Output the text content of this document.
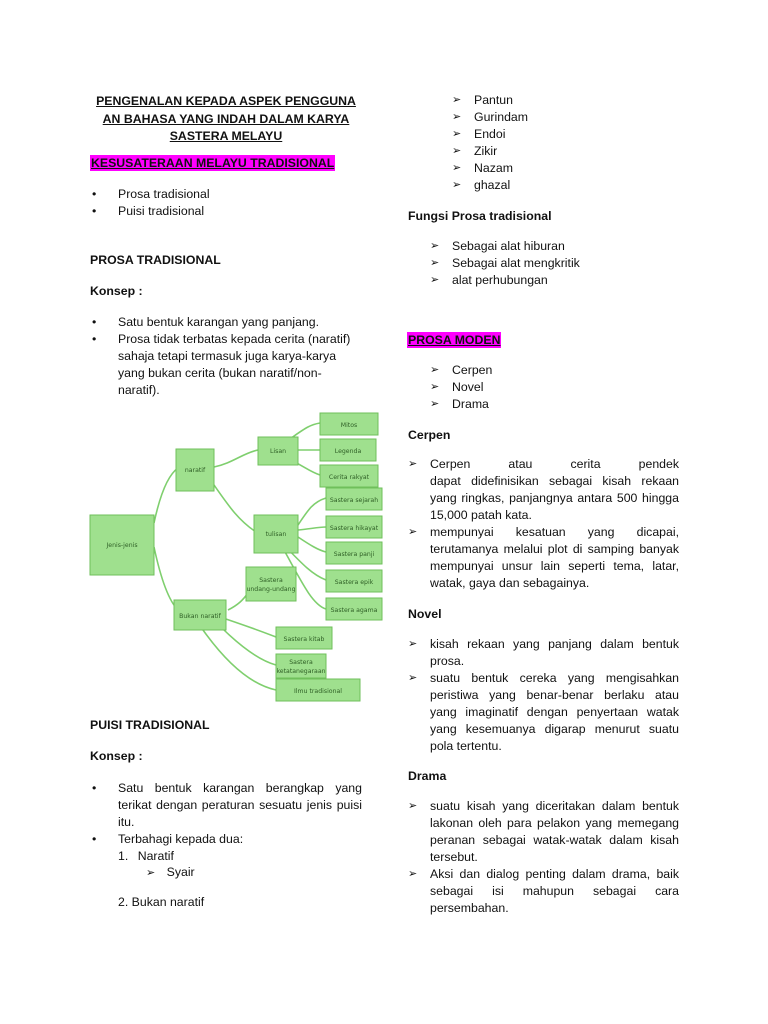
PENGENALAN KEPADA ASPEK PENGGUNA
AN BAHASA YANG INDAH DALAM KARYA
SASTERA MELAYU
KESUSATERAAN MELAYU TRADISIONAL
• Prosa tradisional
• Puisi tradisional
PROSA TRADISIONAL
Konsep :
• Satu bentuk karangan yang panjang.
• Prosa tidak terbatas kepada cerita (naratif)
sahaja tetapi termasuk juga karya-karya
yang bukan cerita (bukan naratif/non-
naratif).
Jenis-jenis
naratif
Lisan
tulisan
Bukan naratif
Mitos
Legenda
Cerita rakyat
Sastera sejarah
Sastera hikayat
Sastera panji
Sastera epik
Sastera agama
Sastera
undang-undang
Sastera kitab
Sastera
ketatanegaraan
Ilmu tradisional
PUISI TRADISIONAL
Konsep :
• Satu bentuk karangan berangkap yang
terikat dengan peraturan sesuatu jenis puisi
itu.
• Terbahagi kepada dua:
1. Naratif
➢ Syair
2. Bukan naratif
➢ Pantun
➢ Gurindam
➢ Endoi
➢ Zikir
➢ Nazam
➢ ghazal
Fungsi Prosa tradisional
➢ Sebagai alat hiburan
➢ Sebagai alat mengkritik
➢ alat perhubungan
PROSA MODEN
➢ Cerpen
➢ Novel
➢ Drama
Cerpen
➢ Cerpen atau cerita pendek
dapat didefinisikan sebagai kisah rekaan
yang ringkas, panjangnya antara 500 hingga
15,000 patah kata.
➢ mempunyai kesatuan yang dicapai,
terutamanya melalui plot di samping banyak
mempunyai unsur lain seperti tema, latar,
watak, gaya dan sebagainya.
Novel
➢ kisah rekaan yang panjang dalam bentuk
prosa.
➢ suatu bentuk cereka yang mengisahkan
peristiwa yang benar-benar berlaku atau
yang imaginatif dengan penyertaan watak
yang kesemuanya digarap menurut suatu
pola tertentu.
Drama
➢ suatu kisah yang diceritakan dalam bentuk
lakonan oleh para pelakon yang memegang
peranan sebagai watak-watak dalam kisah
tersebut.
➢ Aksi dan dialog penting dalam drama, baik
sebagai isi mahupun sebagai cara
persembahan.
